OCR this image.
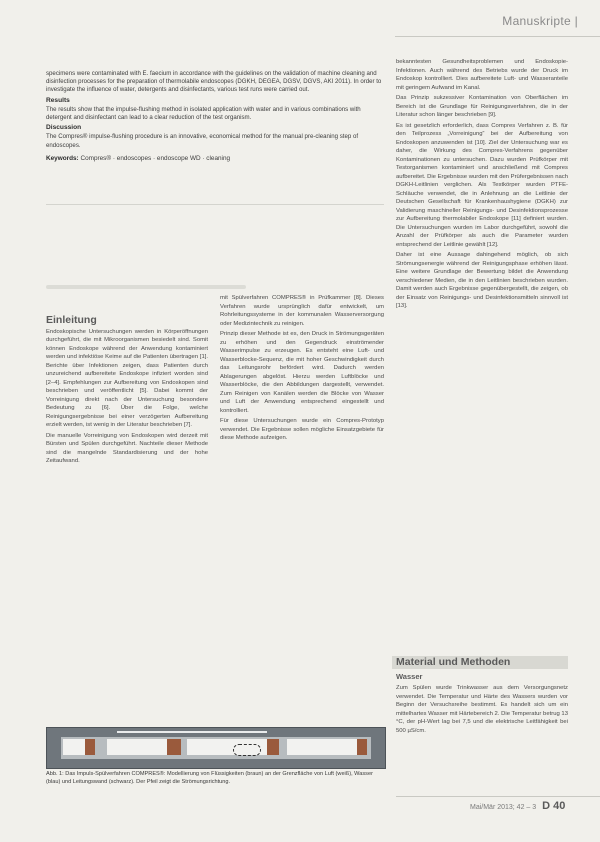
Manuskripte |

specimens were contaminated with E. faecium in accordance with the guidelines on the validation of machine cleaning and disinfection processes for the preparation of thermolabile endoscopes (DGKH, DEGEA, DGSV, DGVS, AKI 2011). In order to investigate the influence of water, detergents and disinfectants, various test runs were carried out.

Results

The results show that the impulse-flushing method in isolated application with water and in various combinations with detergent and disinfectant can lead to a clear reduction of the test organism.

Discussion

The Compres® impulse-flushing procedure is an innovative, economical method for the manual pre-cleaning step of endoscopes.

Keywords: Compres® · endoscopes · endoscope WD · cleaning

Einleitung

Endoskopische Untersuchungen werden in Körperöffnungen durchgeführt, die mit Mikroorganismen besiedelt sind. Somit können Endoskope während der Anwendung kontaminiert werden und infektiöse Keime auf die Patienten übertragen [1]. Berichte über Infektionen zeigen, dass Patienten durch unzureichend aufbereitete Endoskope infiziert worden sind [2–4]. Empfehlungen zur Aufbereitung von Endoskopen sind beschrieben und veröffentlicht [5]. Dabei kommt der Vorreinigung direkt nach der Untersuchung besondere Bedeutung zu [6]. Über die Folge, welche Reinigungsergebnisse bei einer verzögerten Aufbereitung erzielt werden, ist wenig in der Literatur beschrieben [7].

Die manuelle Vorreinigung von Endoskopen wird derzeit mit Bürsten und Spülen durchgeführt. Nachteile dieser Methode sind die mangelnde Standardisierung und der hohe Zeitaufwand.

mit Spülverfahren COMPRES® in Prüfkammer [8]. Dieses Verfahren wurde ursprünglich dafür entwickelt, um Rohrleitungssysteme in der kommunalen Wasserversorgung oder Medizintechnik zu reinigen.

Prinzip dieser Methode ist es, den Druck in Strömungsgeräten zu erhöhen und den Gegendruck einströmender Wasserimpulse zu erzeugen. Es entsteht eine Luft- und Wasserblocke-Sequenz, die mit hoher Geschwindigkeit durch das Leitungsrohr befördert wird. Dadurch werden Ablagerungen abgelöst. Hierzu werden Luftblöcke und Wasserblöcke, die den Abbildungen dargestellt, verwendet. Zum Reinigen von Kanälen werden die Blöcke von Wasser und Luft der Anwendung entsprechend eingestellt und kontrolliert.

Für diese Untersuchungen wurde ein Compres-Prototyp verwendet. Die Ergebnisse sollen mögliche Einsatzgebiete für diese Methode aufzeigen.

bekanntesten Gesundheitsproblemen und Endoskopie-Infektionen. Auch während des Betriebs wurde der Druck im Endoskop kontrolliert. Dies aufbereitete Luft- und Wasseranteile mit geringem Aufwand im Kanal.

Das Prinzip sukzessiver Kontamination von Oberflächen im Bereich ist die Grundlage für Reinigungsverfahren, die in der Literatur schon länger beschrieben [9].

Es ist gesetzlich erforderlich, dass Compres Verfahren z. B. für den Teilprozess „Vorreinigung“ bei der Aufbereitung von Endoskopen anzuwenden ist [10]. Ziel der Untersuchung war es daher, die Wirkung des Compres-Verfahrens gegenüber Kontaminationen zu untersuchen. Dazu wurden Prüfkörper mit Testorganismen kontaminiert und anschließend mit Compres aufbereitet. Die Ergebnisse wurden mit den Prüfergebnissen nach DGKH-Leitlinien verglichen. Als Testkörper wurden PTFE-Schläuche verwendet, die in Anlehnung an die Leitlinie der Deutschen Gesellschaft für Krankenhaushygiene (DGKH) zur Validierung maschineller Reinigungs- und Desinfektionsprozesse zur Aufbereitung thermolabiler Endoskope [11] definiert wurden. Die Untersuchungen wurden im Labor durchgeführt, sowohl die Anzahl der Prüfkörper als auch die Parameter wurden entsprechend der Leitlinie gewählt [12].

Daher ist eine Aussage dahingehend möglich, ob sich Strömungsenergie während der Reinigungsphase erhöhen lässt. Eine weitere Grundlage der Bewertung bildet die Anwendung verschiedener Medien, die in den Leitlinien beschrieben wurden. Damit werden auch Ergebnisse gegenübergestellt, die zeigen, ob der Einsatz von Reinigungs- und Desinfektionsmitteln sinnvoll ist [13].

Material und Methoden
Wasser

Zum Spülen wurde Trinkwasser aus dem Versorgungsnetz verwendet. Die Temperatur und Härte des Wassers wurden vor Beginn der Versuchsreihe bestimmt. Es handelt sich um ein mittelhartes Wasser mit Härtebereich 2. Die Temperatur betrug 13 °C, der pH-Wert lag bei 7,5 und die elektrische Leitfähigkeit bei 500 µS/cm.

Abb. 1: Das Impuls-Spülverfahren COMPRES®: Modellierung von Flüssigkeiten (braun) an der Grenzfläche von Luft (weiß), Wasser (blau) und Leitungswand (schwarz). Der Pfeil zeigt die Strömungsrichtung.
Mai/Mär 2013; 42 – 3 D 40
